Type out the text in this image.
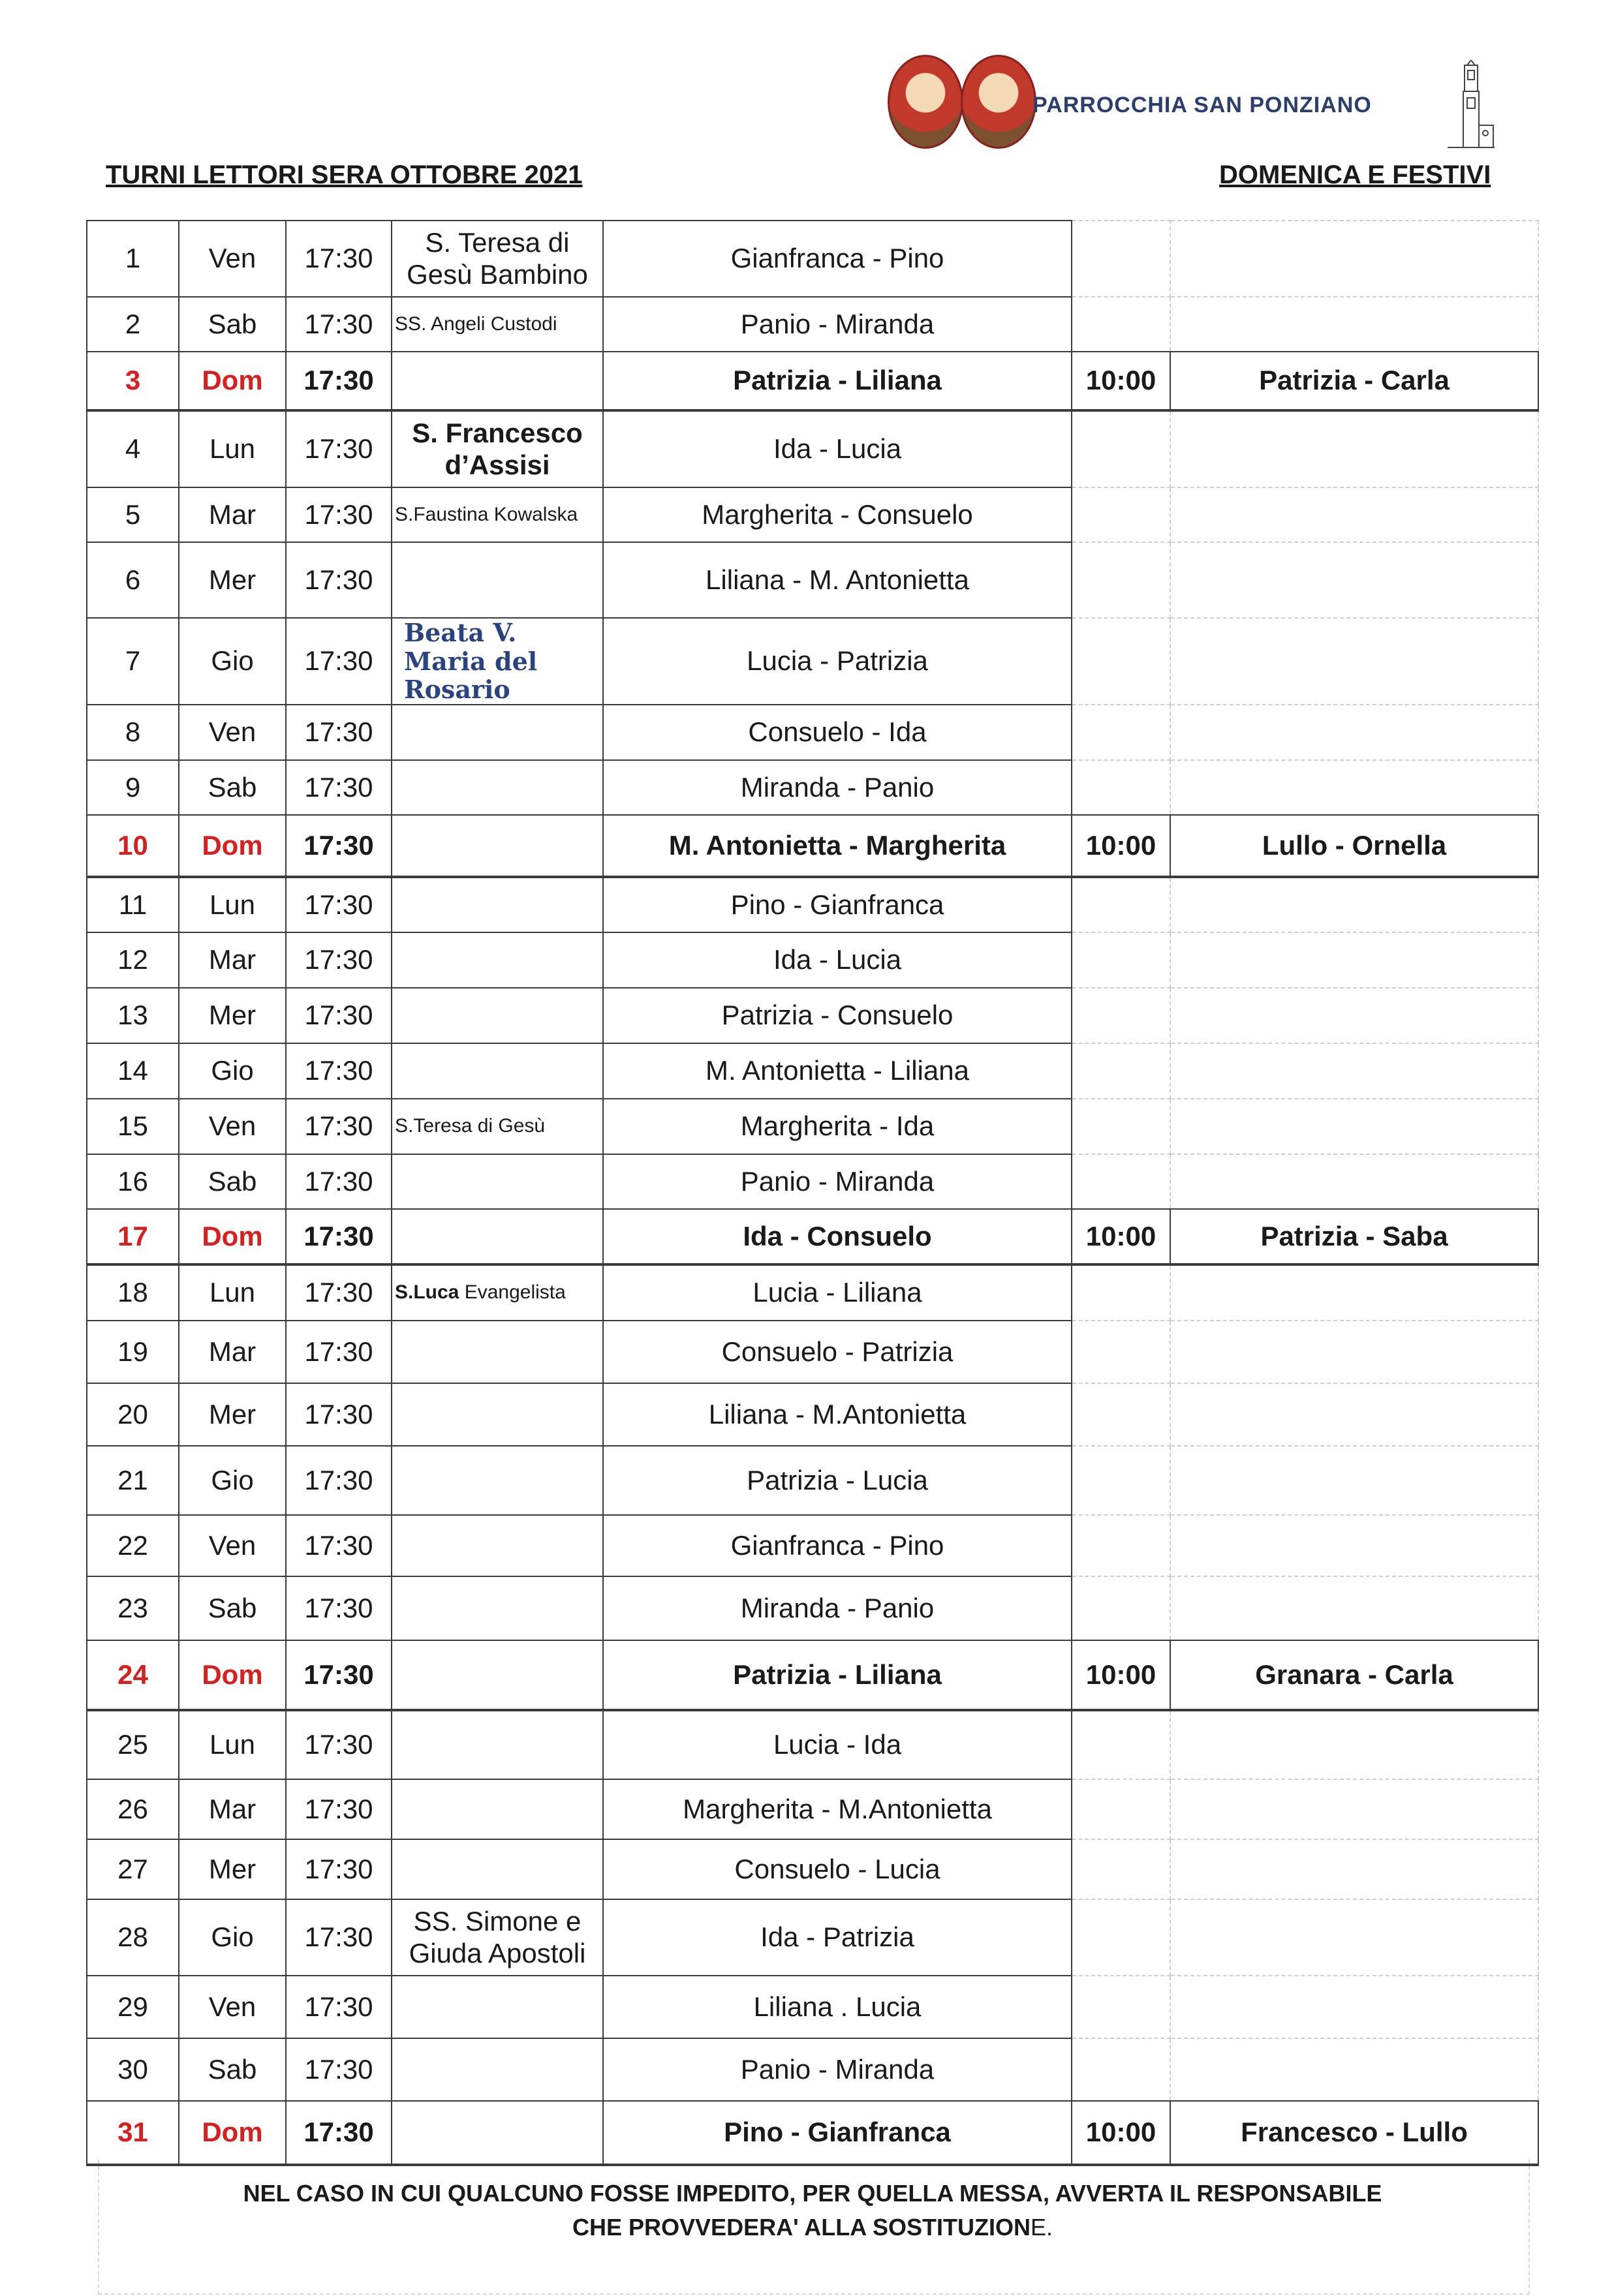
PARROCCHIA SAN PONZIANO
TURNI LETTORI SERA OTTOBRE 2021	DOMENICA E FESTIVI
1	Ven	17:30	S. Teresa di Gesù Bambino	Gianfranca - Pino		
2	Sab	17:30	SS. Angeli Custodi	Panio - Miranda		
3	Dom	17:30		Patrizia - Liliana	10:00	Patrizia - Carla
4	Lun	17:30	S. Francesco d’Assisi	Ida - Lucia		
5	Mar	17:30	S.Faustina Kowalska	Margherita - Consuelo		
6	Mer	17:30		Liliana - M. Antonietta		
7	Gio	17:30	Beata V. Maria del Rosario	Lucia - Patrizia		
8	Ven	17:30		Consuelo - Ida		
9	Sab	17:30		Miranda - Panio		
10	Dom	17:30		M. Antonietta - Margherita	10:00	Lullo - Ornella
11	Lun	17:30		Pino - Gianfranca		
12	Mar	17:30		Ida - Lucia		
13	Mer	17:30		Patrizia - Consuelo		
14	Gio	17:30		M. Antonietta - Liliana		
15	Ven	17:30	S.Teresa di Gesù	Margherita - Ida		
16	Sab	17:30		Panio - Miranda		
17	Dom	17:30		Ida - Consuelo	10:00	Patrizia - Saba
18	Lun	17:30	S.Luca Evangelista	Lucia - Liliana		
19	Mar	17:30		Consuelo - Patrizia		
20	Mer	17:30		Liliana - M.Antonietta		
21	Gio	17:30		Patrizia - Lucia		
22	Ven	17:30		Gianfranca - Pino		
23	Sab	17:30		Miranda - Panio		
24	Dom	17:30		Patrizia - Liliana	10:00	Granara - Carla
25	Lun	17:30		Lucia - Ida		
26	Mar	17:30		Margherita - M.Antonietta		
27	Mer	17:30		Consuelo - Lucia		
28	Gio	17:30	SS. Simone e Giuda Apostoli	Ida - Patrizia		
29	Ven	17:30		Liliana . Lucia		
30	Sab	17:30		Panio - Miranda		
31	Dom	17:30		Pino - Gianfranca	10:00	Francesco - Lullo
NEL CASO IN CUI QUALCUNO FOSSE IMPEDITO, PER QUELLA MESSA, AVVERTA IL RESPONSABILE
CHE PROVVEDERA' ALLA SOSTITUZIONE.
